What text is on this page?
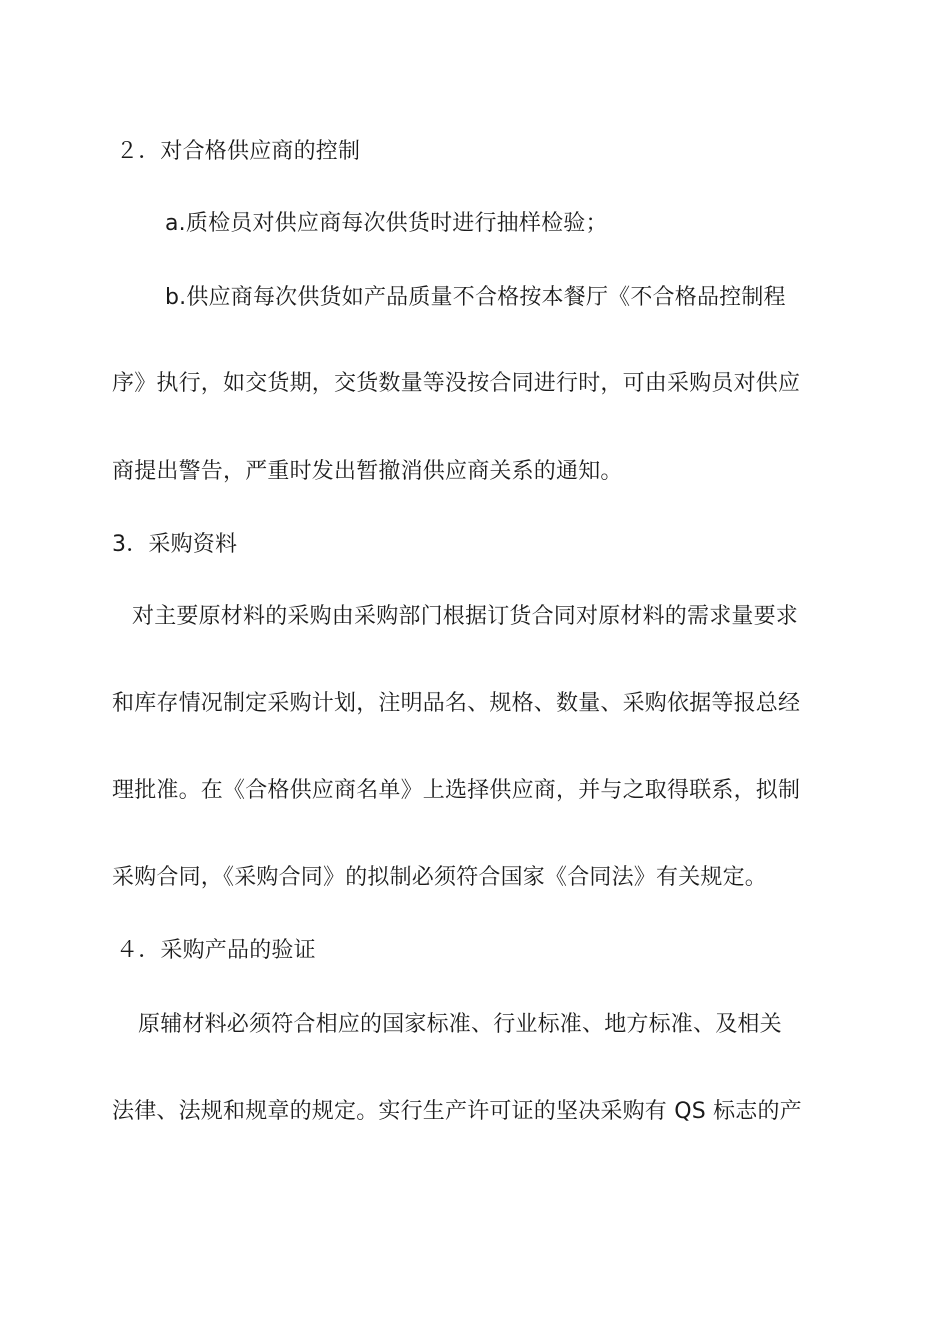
２．对合格供应商的控制
a.质检员对供应商每次供货时进行抽样检验；
b.供应商每次供货如产品质量不合格按本餐厅《不合格品控制程
序》执行，如交货期，交货数量等没按合同进行时，可由采购员对供应
商提出警告，严重时发出暂撤消供应商关系的通知。
3．采购资料
对主要原材料的采购由采购部门根据订货合同对原材料的需求量要求
和库存情况制定采购计划，注明品名、规格、数量、采购依据等报总经
理批准。在《合格供应商名单》上选择供应商，并与之取得联系，拟制
采购合同，《采购合同》的拟制必须符合国家《合同法》有关规定。
４．采购产品的验证
原辅材料必须符合相应的国家标准、行业标准、地方标准、及相关
法律、法规和规章的规定。实行生产许可证的坚决采购有 QS 标志的产
